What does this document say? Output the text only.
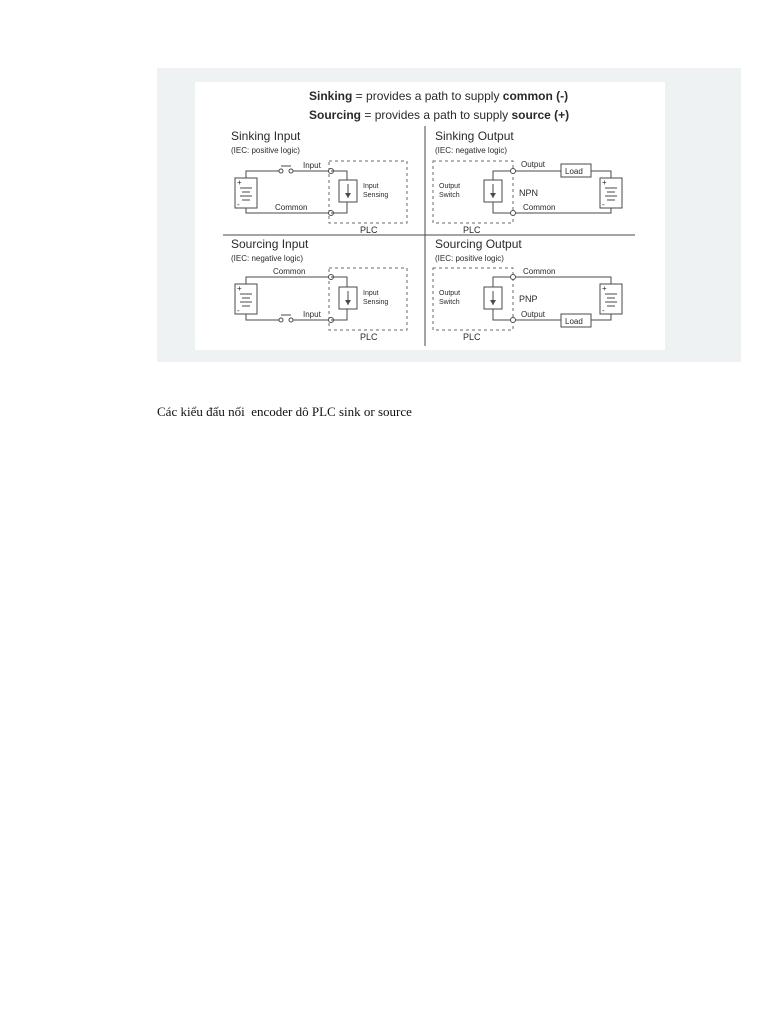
Sinking = provides a path to supply common (-)
Sourcing = provides a path to supply source (+)
Sinking Input
(IEC: positive logic)
+
-
Input
Common
Input
Sensing
PLC
Sinking Output
(IEC: negative logic)
Output
Switch	NPN
Output
Load
+
-
Common
PLC
Sourcing Input
(IEC: negative logic)
+
-
Common
Input
Input
Sensing
PLC
Sourcing Output
(IEC: positive logic)
Output
Switch	PNP
Common
+
-
Output
Load
PLC
Các kiểu đấu nối  encoder dô PLC sink or source
